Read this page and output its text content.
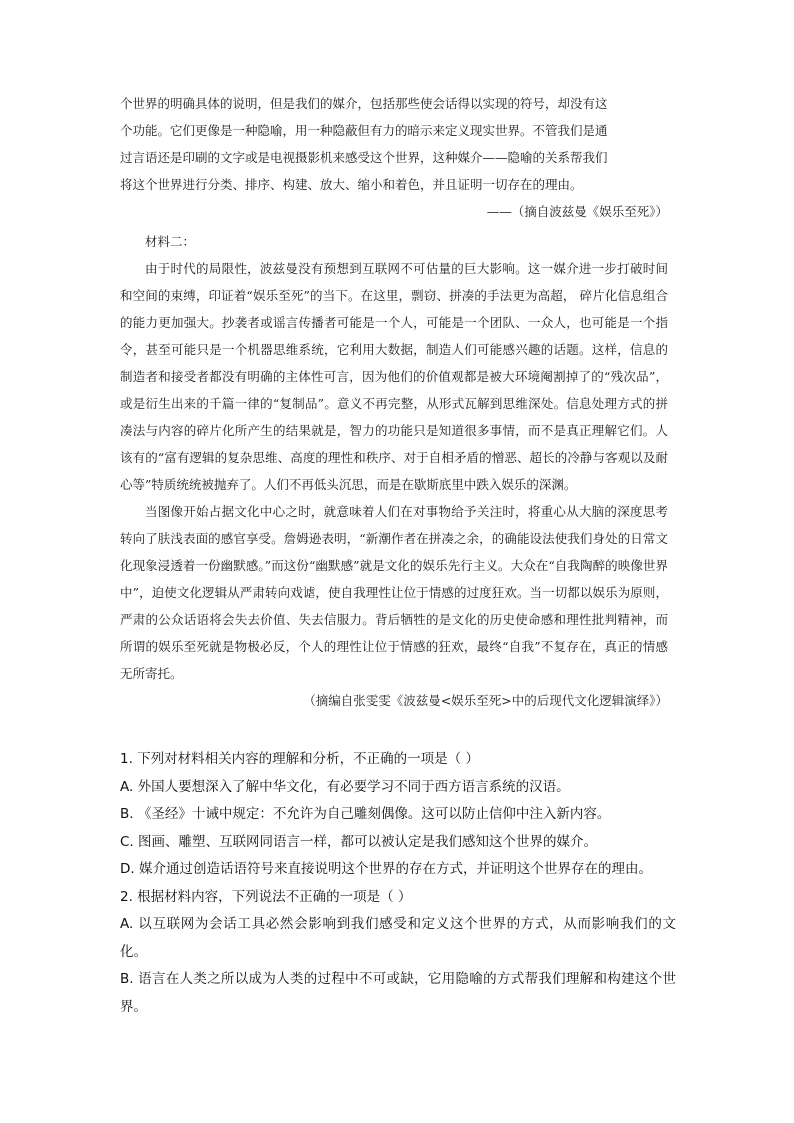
个世界的明确具体的说明，但是我们的媒介，包括那些使会话得以实现的符号，却没有这

个功能。它们更像是一种隐喻，用一种隐蔽但有力的暗示来定义现实世界。不管我们是通

过言语还是印刷的文字或是电视摄影机来感受这个世界，这种媒介——隐喻的关系帮我们

将这个世界进行分类、排序、构建、放大、缩小和着色，并且证明一切存在的理由。

——（摘自波兹曼《娱乐至死》）

材料二：

由于时代的局限性，波兹曼没有预想到互联网不可估量的巨大影响。这一媒介进一步打破时间和空间的束缚，印证着“娱乐至死”的当下。在这里，剽窃、拼凑的手法更为高超， 碎片化信息组合的能力更加强大。抄袭者或谣言传播者可能是一个人，可能是一个团队、一众人，也可能是一个指令，甚至可能只是一个机器思维系统，它利用大数据，制造人们可能感兴趣的话题。这样，信息的制造者和接受者都没有明确的主体性可言，因为他们的价值观都是被大环境阉割掉了的“残次品”，或是衍生出来的千篇一律的“复制品”。意义不再完整，从形式瓦解到思维深处。信息处理方式的拼凑法与内容的碎片化所产生的结果就是，智力的功能只是知道很多事情，而不是真正理解它们。人该有的“富有逻辑的复杂思维、高度的理性和秩序、对于自相矛盾的憎恶、超长的冷静与客观以及耐心等”特质统统被抛弃了。人们不再低头沉思，而是在歇斯底里中跌入娱乐的深渊。

当图像开始占据文化中心之时，就意味着人们在对事物给予关注时，将重心从大脑的深度思考转向了肤浅表面的感官享受。詹姆逊表明，“新潮作者在拼凑之余，的确能设法使我们身处的日常文化现象浸透着一份幽默感。”而这份“幽默感”就是文化的娱乐先行主义。大众在“自我陶醉的映像世界中”，迫使文化逻辑从严肃转向戏谑，使自我理性让位于情感的过度狂欢。当一切都以娱乐为原则，严肃的公众话语将会失去价值、失去信服力。背后牺牲的是文化的历史使命感和理性批判精神，而所谓的娱乐至死就是物极必反，个人的理性让位于情感的狂欢，最终“自我”不复存在，真正的情感无所寄托。

（摘编自张雯雯《波兹曼<娱乐至死>中的后现代文化逻辑演绎》）

1. 下列对材料相关内容的理解和分析，不正确的一项是（ ）

A. 外国人要想深入了解中华文化，有必要学习不同于西方语言系统的汉语。

B. 《圣经》十诫中规定：不允许为自己雕刻偶像。这可以防止信仰中注入新内容。

C. 图画、雕塑、互联网同语言一样，都可以被认定是我们感知这个世界的媒介。

D. 媒介通过创造话语符号来直接说明这个世界的存在方式，并证明这个世界存在的理由。

2. 根据材料内容，下列说法不正确的一项是（ ）

A. 以互联网为会话工具必然会影响到我们感受和定义这个世界的方式，从而影响我们的文化。

B. 语言在人类之所以成为人类的过程中不可或缺，它用隐喻的方式帮我们理解和构建这个世界。
